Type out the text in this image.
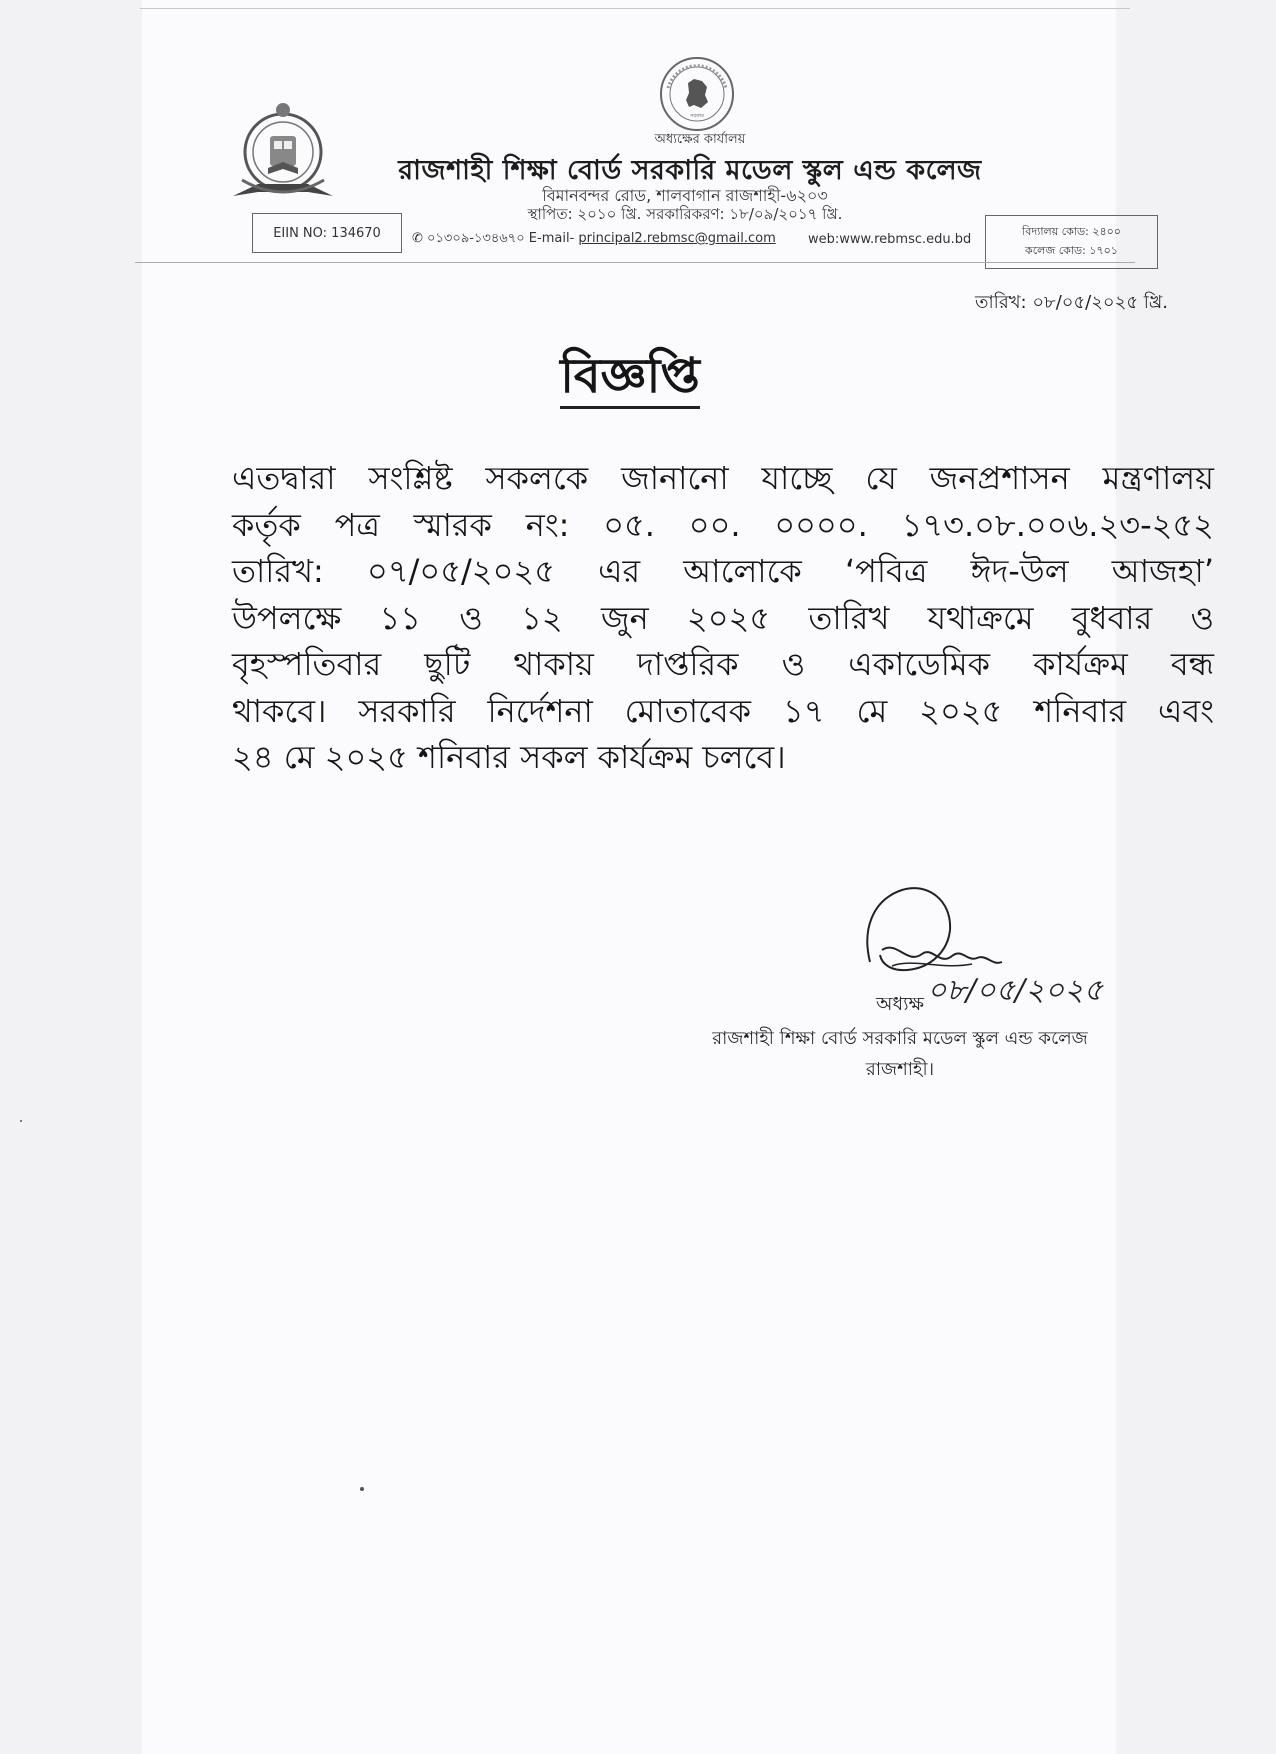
সরকার
অধ্যক্ষের কার্যালয়
রাজশাহী শিক্ষা বোর্ড সরকারি মডেল স্কুল এন্ড কলেজ
বিমানবন্দর রোড, শালবাগান রাজশাহী-৬২০৩
স্থাপিত: ২০১০ খ্রি. সরকারিকরণ: ১৮/০৯/২০১৭ খ্রি.
EIIN NO: 134670 ✆ ০১৩০৯-১৩৪৬৭০ E-mail- principal2.rebmsc@gmail.com web:www.rebmsc.edu.bd
বিদ্যালয় কোড: ২৪০০
কলেজ কোড: ১৭০১
তারিখ: ০৮/০৫/২০২৫ খ্রি.
বিজ্ঞপ্তি
এতদ্বারা সংশ্লিষ্ট সকলকে জানানো যাচ্ছে যে জনপ্রশাসন মন্ত্রণালয়
কর্তৃক পত্র স্মারক নং: ০৫. ০০. ০০০০. ১৭৩.০৮.০০৬.২৩-২৫২
তারিখ: ০৭/০৫/২০২৫ এর আলোকে ‘পবিত্র ঈদ-উল আজহা’
উপলক্ষে ১১ ও ১২ জুন ২০২৫ তারিখ যথাক্রমে বুধবার ও
বৃহস্পতিবার ছুটি থাকায় দাপ্তরিক ও একাডেমিক কার্যক্রম বন্ধ
থাকবে। সরকারি নির্দেশনা মোতাবেক ১৭ মে ২০২৫ শনিবার এবং
২৪ মে ২০২৫ শনিবার সকল কার্যক্রম চলবে।
০৮/০৫/২০২৫
অধ্যক্ষ
রাজশাহী শিক্ষা বোর্ড সরকারি মডেল স্কুল এন্ড কলেজ
রাজশাহী।
